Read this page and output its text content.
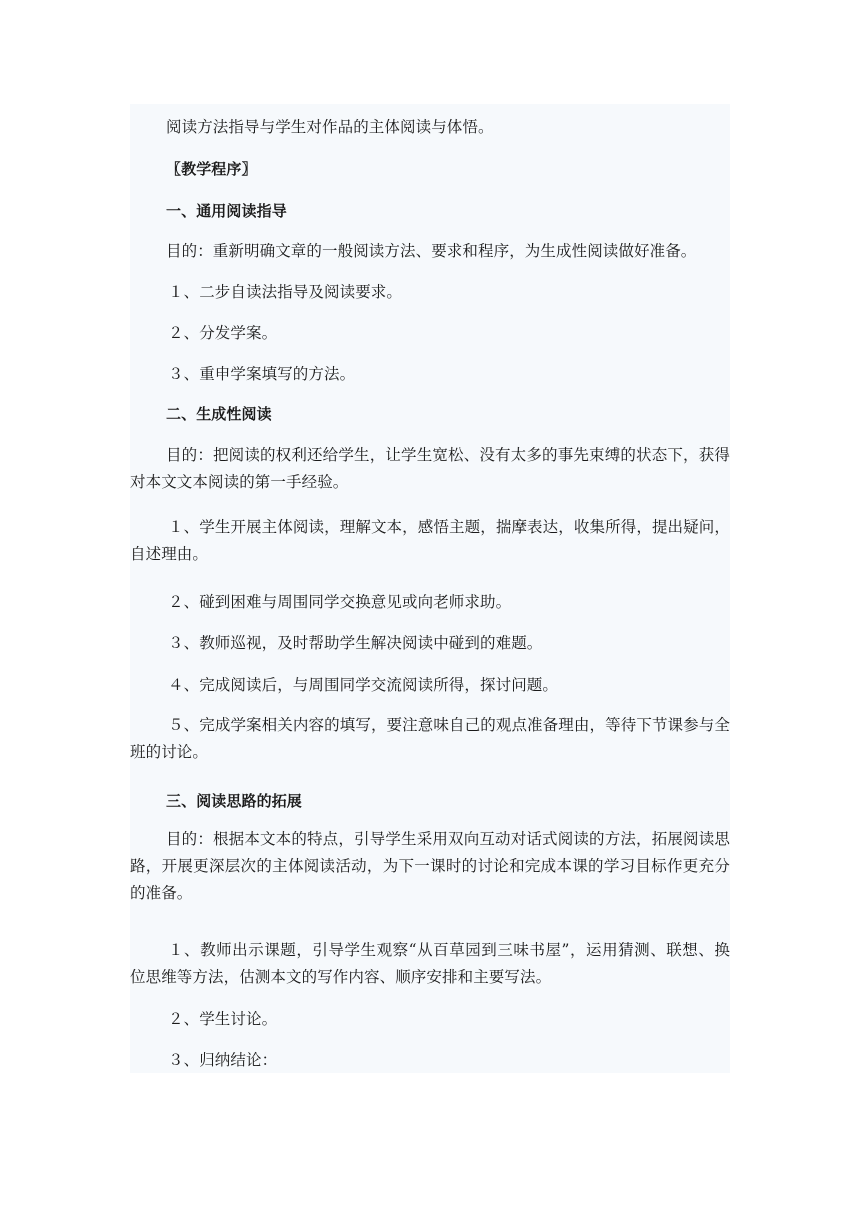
阅读方法指导与学生对作品的主体阅读与体悟。
〖教学程序〗
一、通用阅读指导
目的：重新明确文章的一般阅读方法、要求和程序，为生成性阅读做好准备。
１、二步自读法指导及阅读要求。
２、分发学案。
３、重申学案填写的方法。
二、生成性阅读
目的：把阅读的权利还给学生，让学生宽松、没有太多的事先束缚的状态下，获得对本文文本阅读的第一手经验。
１、学生开展主体阅读，理解文本，感悟主题，揣摩表达，收集所得，提出疑问，自述理由。
２、碰到困难与周围同学交换意见或向老师求助。
３、教师巡视，及时帮助学生解决阅读中碰到的难题。
４、完成阅读后，与周围同学交流阅读所得，探讨问题。
５、完成学案相关内容的填写，要注意味自己的观点准备理由，等待下节课参与全班的讨论。
三、阅读思路的拓展
目的：根据本文本的特点，引导学生采用双向互动对话式阅读的方法，拓展阅读思路，开展更深层次的主体阅读活动，为下一课时的讨论和完成本课的学习目标作更充分的准备。
１、教师出示课题，引导学生观察“从百草园到三味书屋”，运用猜测、联想、换位思维等方法，估测本文的写作内容、顺序安排和主要写法。
２、学生讨论。
３、归纳结论：
